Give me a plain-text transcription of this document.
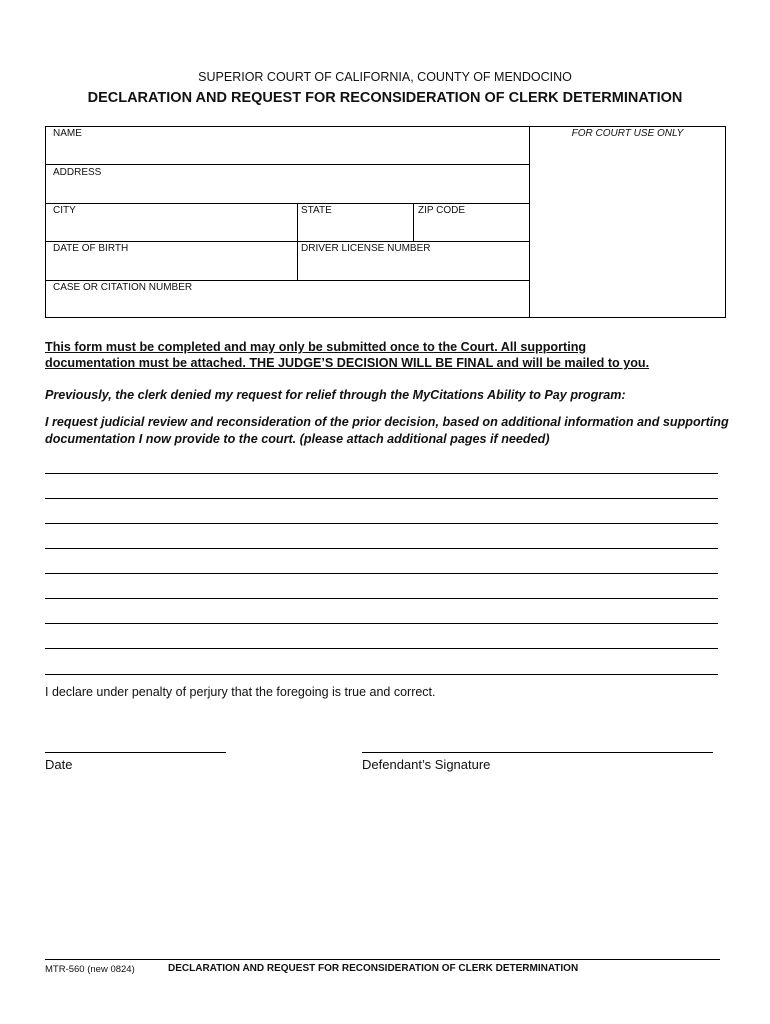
SUPERIOR COURT OF CALIFORNIA, COUNTY OF MENDOCINO
DECLARATION AND REQUEST FOR RECONSIDERATION OF CLERK DETERMINATION
NAME
ADDRESS
CITY	STATE	ZIP CODE
DATE OF BIRTH	DRIVER LICENSE NUMBER
CASE OR CITATION NUMBER
FOR COURT USE ONLY
This form must be completed and may only be submitted once to the Court. All supporting
documentation must be attached. THE JUDGE’S DECISION WILL BE FINAL and will be mailed to you.
Previously, the clerk denied my request for relief through the MyCitations Ability to Pay program:
I request judicial review and reconsideration of the prior decision, based on additional information and supporting documentation I now provide to the court. (please attach additional pages if needed)
I declare under penalty of perjury that the foregoing is true and correct.
Date	Defendant’s Signature
MTR-560 (new 0824)	DECLARATION AND REQUEST FOR RECONSIDERATION OF CLERK DETERMINATION
